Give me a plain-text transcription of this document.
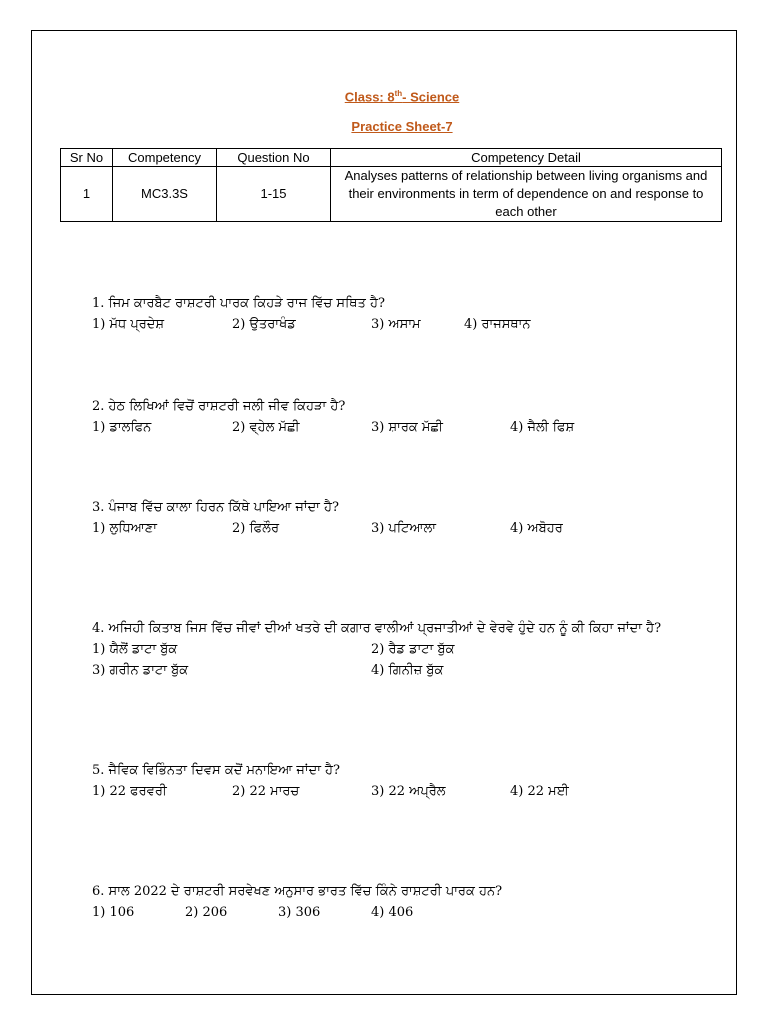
Class: 8th- Science
Practice Sheet-7
Sr No	Competency	Question No	Competency Detail
1	MC3.3S	1-15	Analyses patterns of relationship between living organisms and their environments in term of dependence on and response to each other
1. ਜਿਮ ਕਾਰਬੈਟ ਰਾਸ਼ਟਰੀ ਪਾਰਕ ਕਿਹੜੇ ਰਾਜ ਵਿੱਚ ਸਥਿਤ ਹੈ?
1) ਮੱਧ ਪ੍ਰਦੇਸ਼	2) ਉਤਰਾਖੰਡ	3) ਅਸਾਮ	4) ਰਾਜਸਥਾਨ
2. ਹੇਠ ਲਿਖਿਆਂ ਵਿਚੋਂ ਰਾਸ਼ਟਰੀ ਜਲੀ ਜੀਵ ਕਿਹੜਾ ਹੈ?
1) ਡਾਲਫਿਨ	2) ਵ੍ਹੇਲ ਮੱਛੀ	3) ਸ਼ਾਰਕ ਮੱਛੀ	4) ਜੈਲੀ ਫਿਸ਼
3. ਪੰਜਾਬ ਵਿੱਚ ਕਾਲਾ ਹਿਰਨ ਕਿੱਥੇ ਪਾਇਆ ਜਾਂਦਾ ਹੈ?
1) ਲੁਧਿਆਣਾ	2) ਫਿਲੌਰ	3) ਪਟਿਆਲਾ	4) ਅਬੋਹਰ
4. ਅਜਿਹੀ ਕਿਤਾਬ ਜਿਸ ਵਿੱਚ ਜੀਵਾਂ ਦੀਆਂ ਖਤਰੇ ਦੀ ਕਗਾਰ ਵਾਲੀਆਂ ਪ੍ਰਜਾਤੀਆਂ ਦੇ ਵੇਰਵੇ ਹੁੰਦੇ ਹਨ ਨੂੰ ਕੀ ਕਿਹਾ ਜਾਂਦਾ ਹੈ?
1) ਯੈਲੋਂ ਡਾਟਾ ਬੁੱਕ	2) ਰੈਡ ਡਾਟਾ ਬੁੱਕ
3) ਗਰੀਨ ਡਾਟਾ ਬੁੱਕ	4) ਗਿਨੀਜ਼ ਬੁੱਕ
5. ਜੈਵਿਕ ਵਿਭਿੰਨਤਾ ਦਿਵਸ ਕਦੋਂ ਮਨਾਇਆ ਜਾਂਦਾ ਹੈ?
1) 22 ਫਰਵਰੀ	2) 22 ਮਾਰਚ	3) 22 ਅਪ੍ਰੈਲ	4) 22 ਮਈ
6. ਸਾਲ 2022 ਦੇ ਰਾਸ਼ਟਰੀ ਸਰਵੇਖਣ ਅਨੁਸਾਰ ਭਾਰਤ ਵਿੱਚ ਕਿੰਨੇ ਰਾਸ਼ਟਰੀ ਪਾਰਕ ਹਨ?
1) 106	2) 206	3) 306	4) 406
